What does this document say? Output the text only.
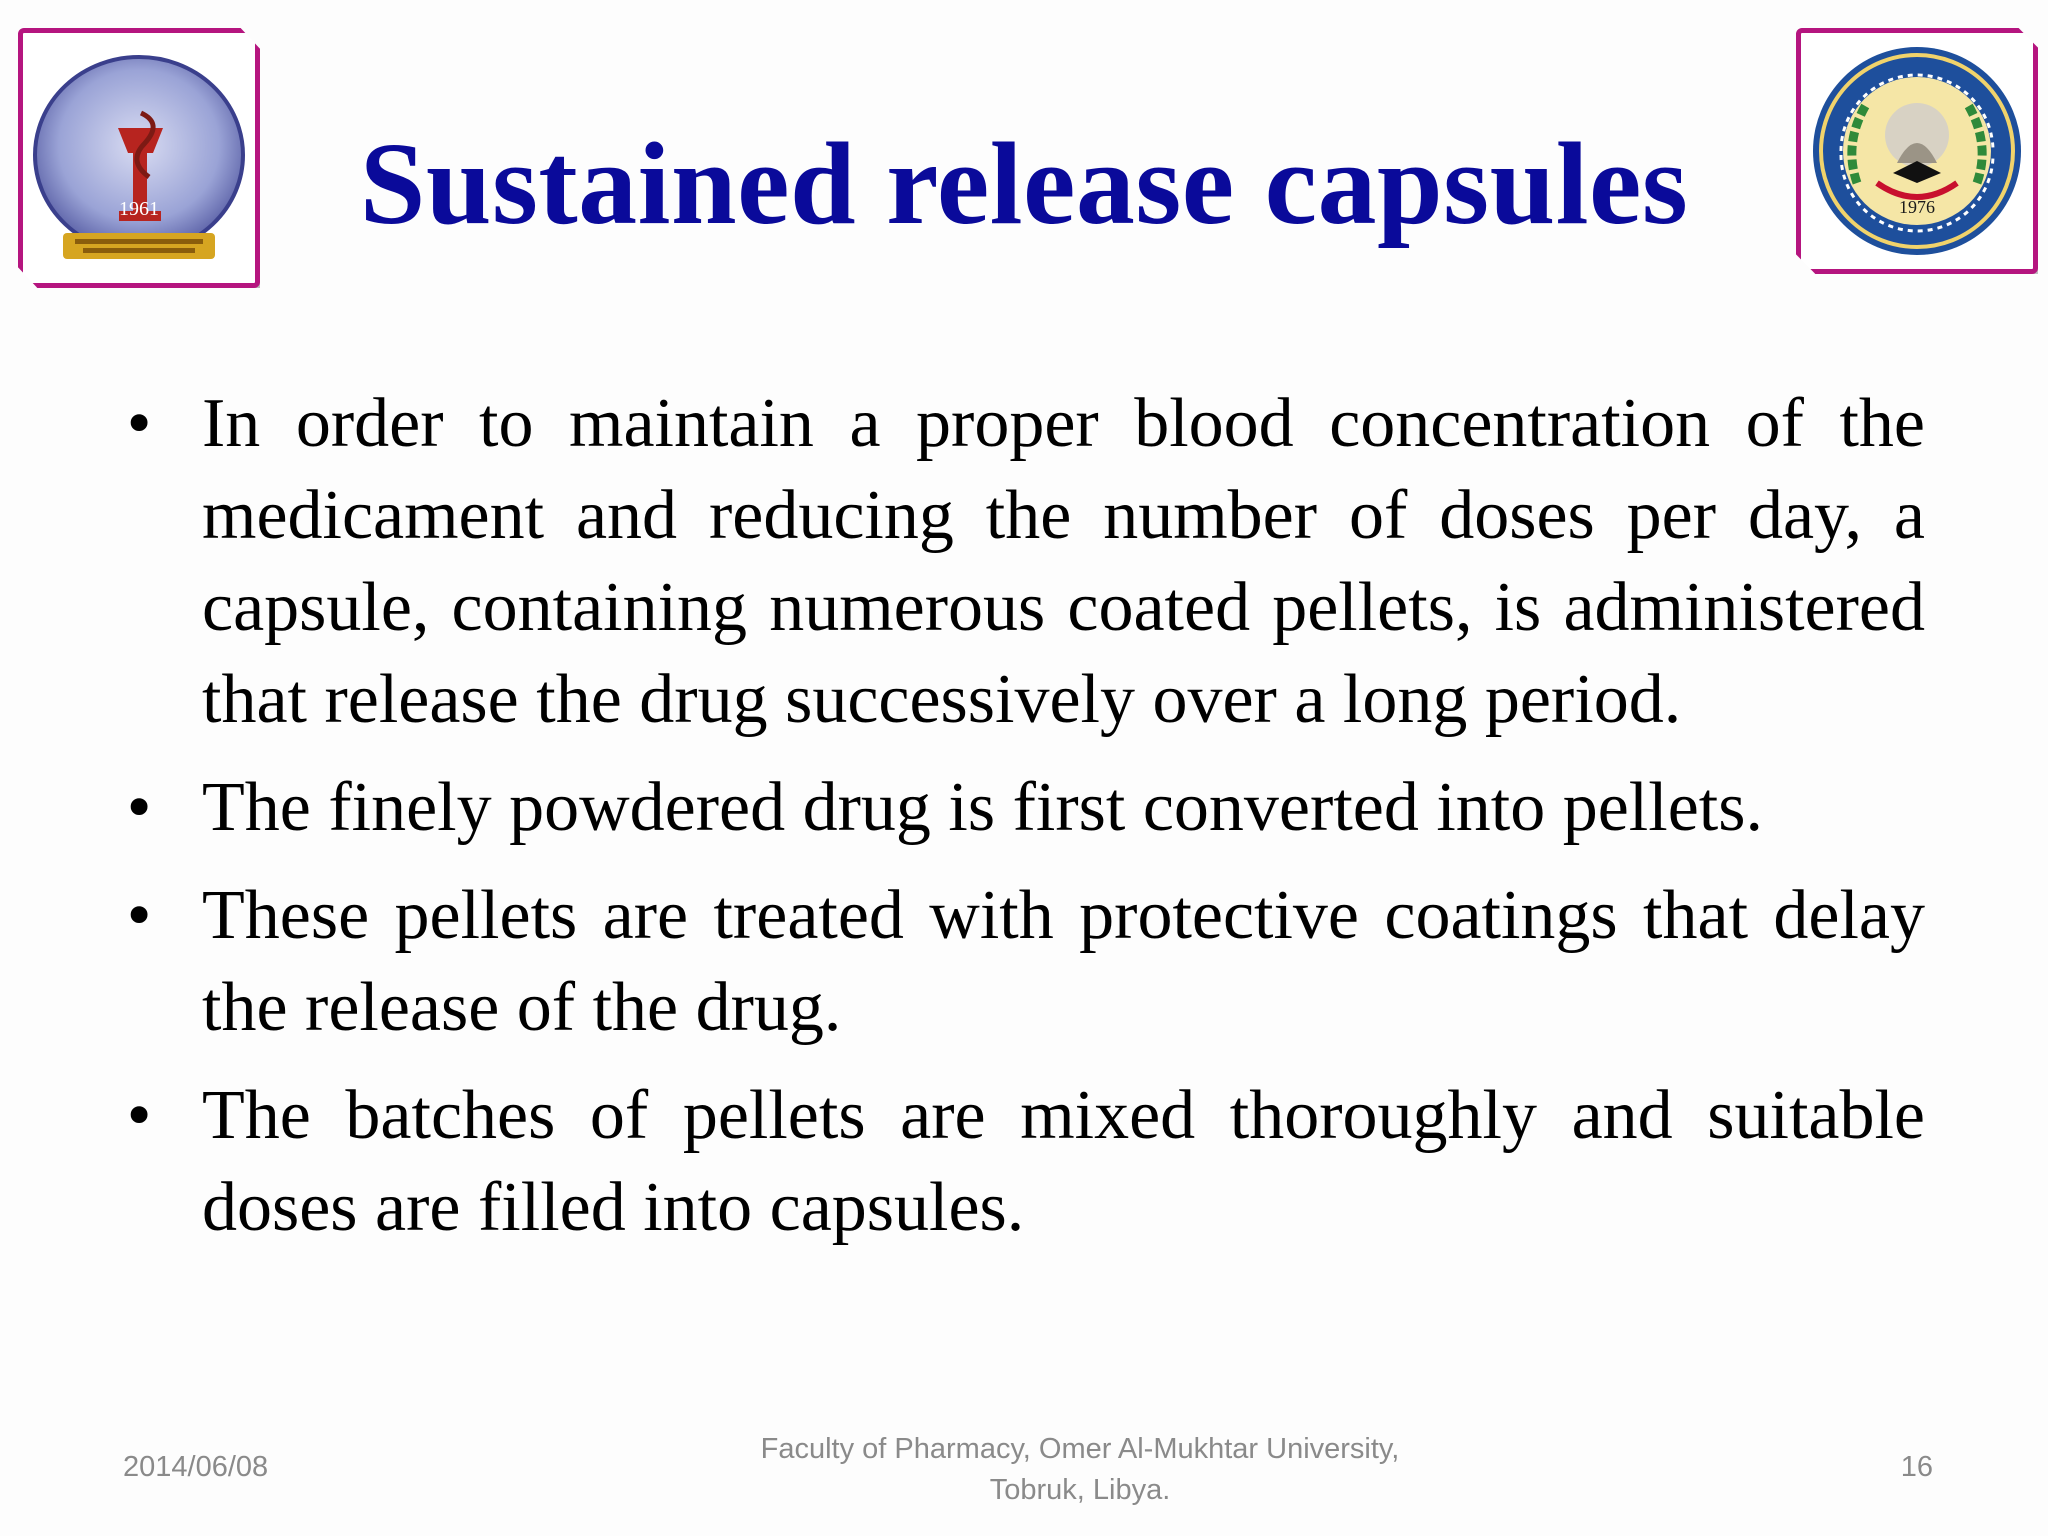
1961	1976
Sustained release capsules
• In order to maintain a proper blood concentration of the medicament and reducing the number of doses per day, a capsule, containing numerous coated pellets, is administered that release the drug successively over a long period.
• The finely powdered drug is first converted into pellets.
• These pellets are treated with protective coatings that delay the release of the drug.
• The batches of pellets are mixed thoroughly and suitable doses are filled into capsules.
2014/06/08
Faculty of Pharmacy, Omer Al-Mukhtar University,
Tobruk, Libya.
16
